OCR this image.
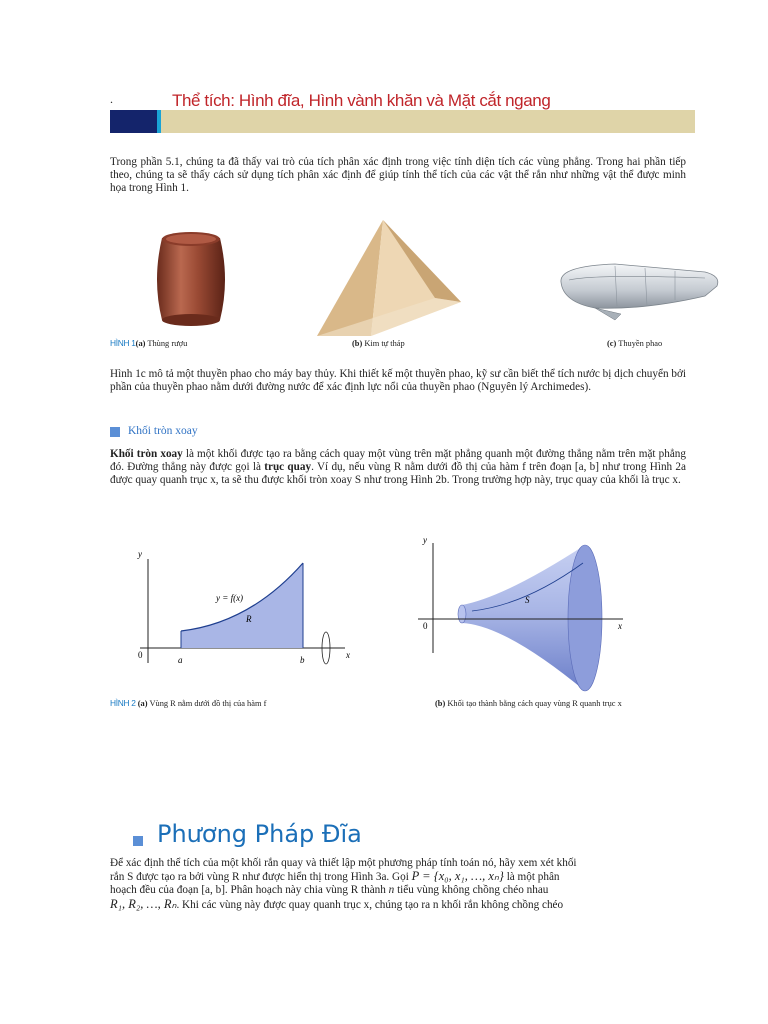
.	Thể tích: Hình đĩa, Hình vành khăn và Mặt cắt ngang
Trong phần 5.1, chúng ta đã thấy vai trò của tích phân xác định trong việc tính diện tích các vùng phẳng. Trong hai phần tiếp theo, chúng ta sẽ thấy cách sử dụng tích phân xác định để giúp tính thể tích của các vật thể rắn như những vật thể được minh họa trong Hình 1.
HÌNH 1(a) Thùng rượu	(b) Kim tự tháp	(c) Thuyền phao
Hình 1c mô tả một thuyền phao cho máy bay thủy. Khi thiết kế một thuyền phao, kỹ sư cần biết thể tích nước bị dịch chuyển bởi phần của thuyền phao nằm dưới đường nước để xác định lực nổi của thuyền phao (Nguyên lý Archimedes).
Khối tròn xoay
Khối tròn xoay là một khối được tạo ra bằng cách quay một vùng trên mặt phẳng quanh một đường thẳng nằm trên mặt phẳng đó. Đường thẳng này được gọi là trục quay. Ví dụ, nếu vùng R nằm dưới đồ thị của hàm f trên đoạn [a, b] như trong Hình 2a được quay quanh trục x, ta sẽ thu được khối tròn xoay S như trong Hình 2b. Trong trường hợp này, trục quay của khối là trục x.
y
x
0	a	b
y = f(x)
R
y
x
0
S
HÌNH 2 (a) Vùng R nằm dưới đồ thị của hàm f	(b) Khối tạo thành bằng cách quay vùng R quanh trục x
Phương Pháp Đĩa
Để xác định thể tích của một khối rắn quay và thiết lập một phương pháp tính toán nó, hãy xem xét khối
rắn S được tạo ra bởi vùng R như được hiển thị trong Hình 3a. Gọi P = {x₀, x₁, …, xₙ} là một phân
hoạch đều của đoạn [a, b]. Phân hoạch này chia vùng R thành n tiểu vùng không chồng chéo nhau
R₁, R₂, …, Rₙ. Khi các vùng này được quay quanh trục x, chúng tạo ra n khối rắn không chồng chéo
